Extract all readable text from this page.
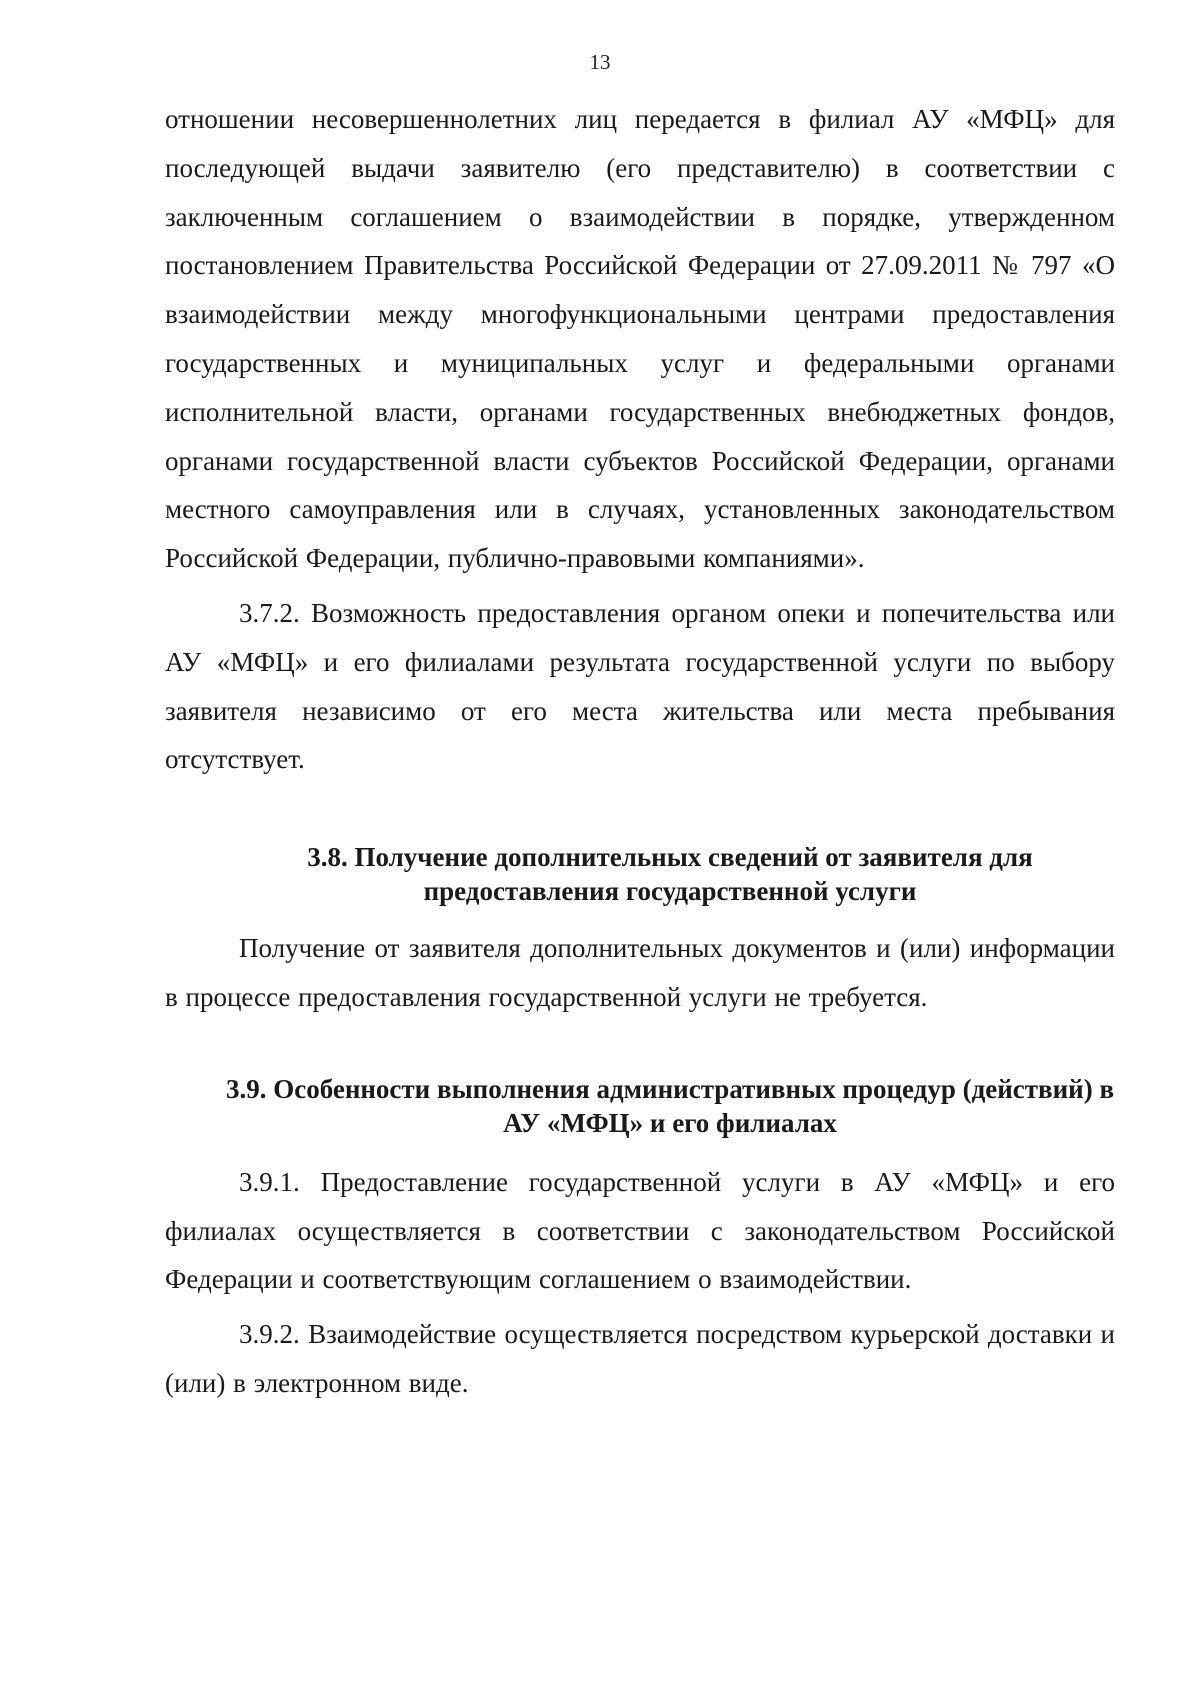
13

отношении несовершеннолетних лиц передается в филиал АУ «МФЦ» для последующей выдачи заявителю (его представителю) в соответствии с заключенным соглашением о взаимодействии в порядке, утвержденном постановлением Правительства Российской Федерации от 27.09.2011 № 797 «О взаимодействии между многофункциональными центрами предоставления государственных и муниципальных услуг и федеральными органами исполнительной власти, органами государственных внебюджетных фондов, органами государственной власти субъектов Российской Федерации, органами местного самоуправления или в случаях, установленных законодательством Российской Федерации, публично-правовыми компаниями».

3.7.2. Возможность предоставления органом опеки и попечительства или АУ «МФЦ» и его филиалами результата государственной услуги по выбору заявителя независимо от его места жительства или места пребывания отсутствует.

3.8. Получение дополнительных сведений от заявителя для предоставления государственной услуги

Получение от заявителя дополнительных документов и (или) информации в процессе предоставления государственной услуги не требуется.

3.9. Особенности выполнения административных процедур (действий) в АУ «МФЦ» и его филиалах

3.9.1. Предоставление государственной услуги в АУ «МФЦ» и его филиалах осуществляется в соответствии с законодательством Российской Федерации и соответствующим соглашением о взаимодействии.

3.9.2. Взаимодействие осуществляется посредством курьерской доставки и (или) в электронном виде.
